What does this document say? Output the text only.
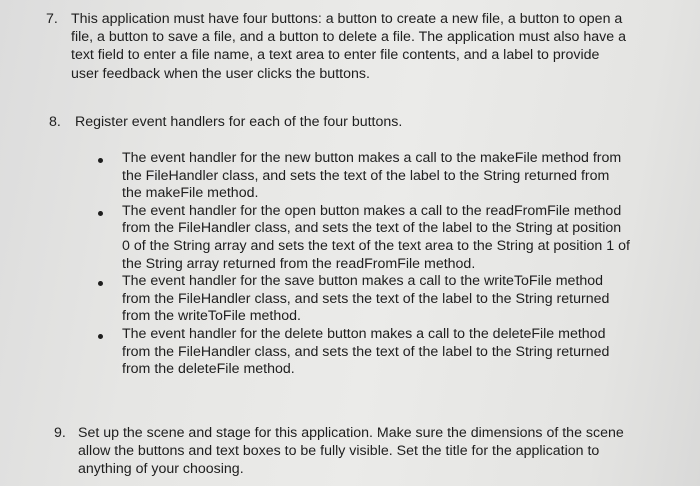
7. This application must have four buttons: a button to create a new file, a button to open a
file, a button to save a file, and a button to delete a file. The application must also have a
text field to enter a file name, a text area to enter file contents, and a label to provide
user feedback when the user clicks the buttons.
8. Register event handlers for each of the four buttons.
The event handler for the new button makes a call to the makeFile method from
the FileHandler class, and sets the text of the label to the String returned from
the makeFile method.
The event handler for the open button makes a call to the readFromFile method
from the FileHandler class, and sets the text of the label to the String at position
0 of the String array and sets the text of the text area to the String at position 1 of
the String array returned from the readFromFile method.
The event handler for the save button makes a call to the writeToFile method
from the FileHandler class, and sets the text of the label to the String returned
from the writeToFile method.
The event handler for the delete button makes a call to the deleteFile method
from the FileHandler class, and sets the text of the label to the String returned
from the deleteFile method.
9. Set up the scene and stage for this application. Make sure the dimensions of the scene
allow the buttons and text boxes to be fully visible. Set the title for the application to
anything of your choosing.
